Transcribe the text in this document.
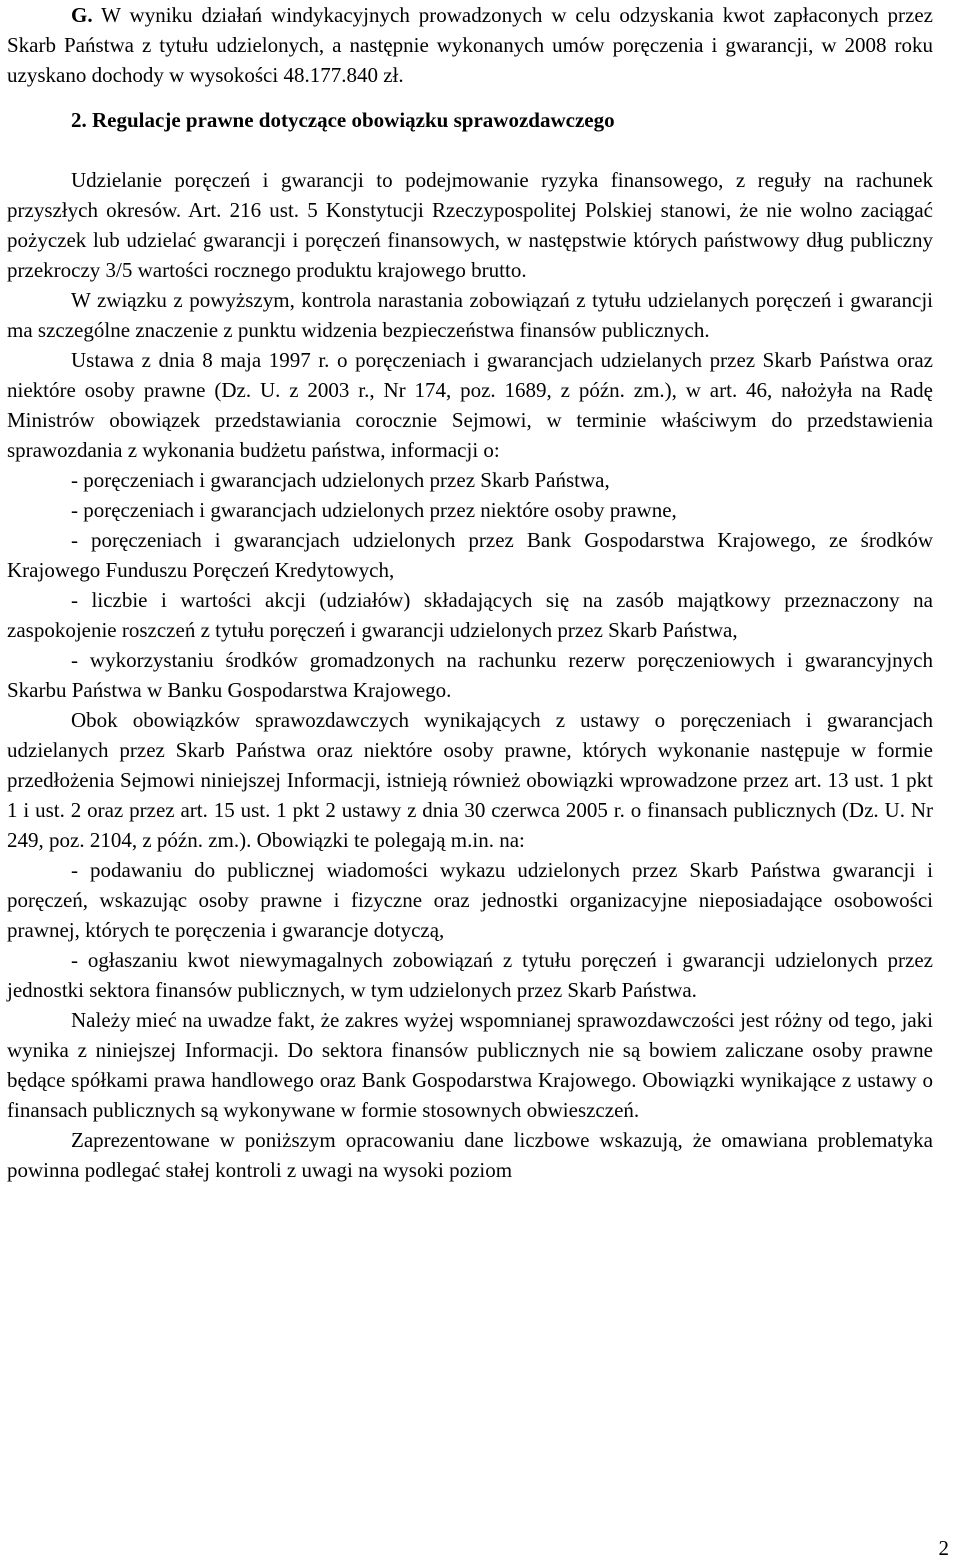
G. W wyniku działań windykacyjnych prowadzonych w celu odzyskania kwot zapłaconych przez Skarb Państwa z tytułu udzielonych, a następnie wykonanych umów poręczenia i gwarancji, w 2008 roku uzyskano dochody w wysokości 48.177.840 zł.

2. Regulacje prawne dotyczące obowiązku sprawozdawczego

Udzielanie poręczeń i gwarancji to podejmowanie ryzyka finansowego, z reguły na rachunek przyszłych okresów. Art. 216 ust. 5 Konstytucji Rzeczypospolitej Polskiej stanowi, że nie wolno zaciągać pożyczek lub udzielać gwarancji i poręczeń finansowych, w następstwie których państwowy dług publiczny przekroczy 3/5 wartości rocznego produktu krajowego brutto.

W związku z powyższym, kontrola narastania zobowiązań z tytułu udzielanych poręczeń i gwarancji ma szczególne znaczenie z punktu widzenia bezpieczeństwa finansów publicznych.

Ustawa z dnia 8 maja 1997 r. o poręczeniach i gwarancjach udzielanych przez Skarb Państwa oraz niektóre osoby prawne (Dz. U. z 2003 r., Nr 174, poz. 1689, z późn. zm.), w art. 46, nałożyła na Radę Ministrów obowiązek przedstawiania corocznie Sejmowi, w terminie właściwym do przedstawienia sprawozdania z wykonania budżetu państwa, informacji o:

- poręczeniach i gwarancjach udzielonych przez Skarb Państwa,

- poręczeniach i gwarancjach udzielonych przez niektóre osoby prawne,

- poręczeniach i gwarancjach udzielonych przez Bank Gospodarstwa Krajowego, ze środków Krajowego Funduszu Poręczeń Kredytowych,

- liczbie i wartości akcji (udziałów) składających się na zasób majątkowy przeznaczony na zaspokojenie roszczeń z tytułu poręczeń i gwarancji udzielonych przez Skarb Państwa,

- wykorzystaniu środków gromadzonych na rachunku rezerw poręczeniowych i gwarancyjnych Skarbu Państwa w Banku Gospodarstwa Krajowego.

Obok obowiązków sprawozdawczych wynikających z ustawy o poręczeniach i gwarancjach udzielanych przez Skarb Państwa oraz niektóre osoby prawne, których wykonanie następuje w formie przedłożenia Sejmowi niniejszej Informacji, istnieją również obowiązki wprowadzone przez art. 13 ust. 1 pkt 1 i ust. 2 oraz przez art. 15 ust. 1 pkt 2 ustawy z dnia 30 czerwca 2005 r. o finansach publicznych (Dz. U. Nr 249, poz. 2104, z późn. zm.). Obowiązki te polegają m.in. na:

- podawaniu do publicznej wiadomości wykazu udzielonych przez Skarb Państwa gwarancji i poręczeń, wskazując osoby prawne i fizyczne oraz jednostki organizacyjne nieposiadające osobowości prawnej, których te poręczenia i gwarancje dotyczą,

- ogłaszaniu kwot niewymagalnych zobowiązań z tytułu poręczeń i gwarancji udzielonych przez jednostki sektora finansów publicznych, w tym udzielonych przez Skarb Państwa.

Należy mieć na uwadze fakt, że zakres wyżej wspomnianej sprawozdawczości jest różny od tego, jaki wynika z niniejszej Informacji. Do sektora finansów publicznych nie są bowiem zaliczane osoby prawne będące spółkami prawa handlowego oraz Bank Gospodarstwa Krajowego. Obowiązki wynikające z ustawy o finansach publicznych są wykonywane w formie stosownych obwieszczeń.

Zaprezentowane w poniższym opracowaniu dane liczbowe wskazują, że omawiana problematyka powinna podlegać stałej kontroli z uwagi na wysoki poziom

2
